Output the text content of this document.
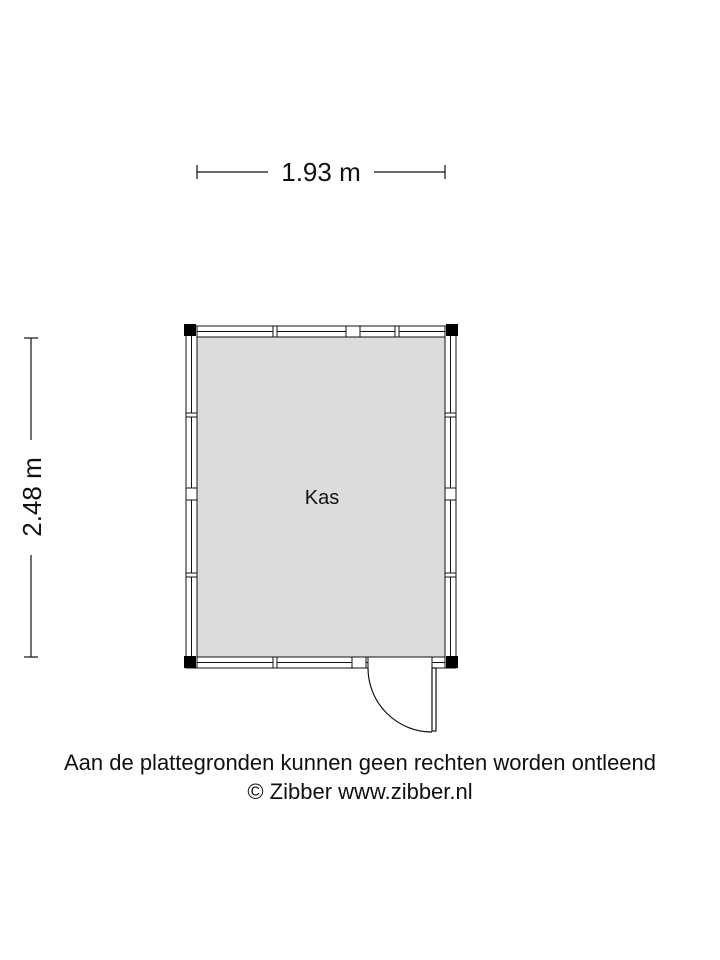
1.93 m
2.48 m	Kas
Aan de plattegronden kunnen geen rechten worden ontleend
© Zibber www.zibber.nl
